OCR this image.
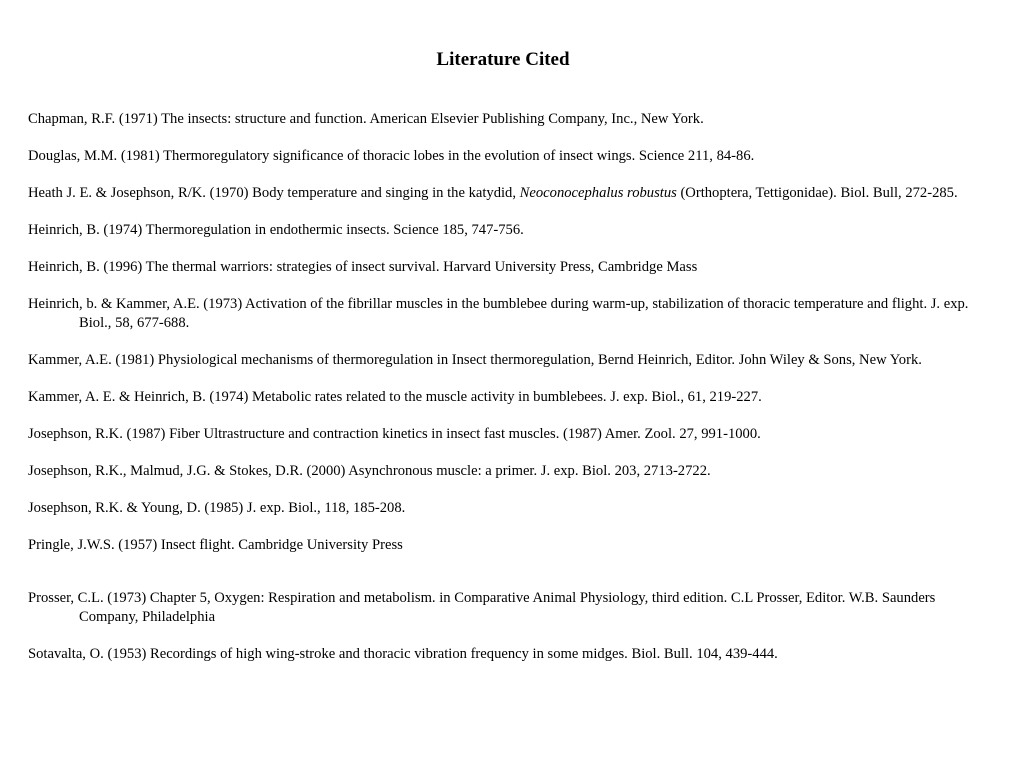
Literature Cited

Chapman, R.F. (1971) The insects: structure and function. American Elsevier Publishing Company, Inc., New York.

Douglas, M.M. (1981) Thermoregulatory significance of thoracic lobes in the evolution of insect wings. Science 211, 84-86.

Heath J. E. & Josephson, R/K. (1970) Body temperature and singing in the katydid, Neoconocephalus robustus (Orthoptera, Tettigonidae). Biol. Bull, 272-285.

Heinrich, B. (1974) Thermoregulation in endothermic insects. Science 185, 747-756.

Heinrich, B. (1996) The thermal warriors: strategies of insect survival. Harvard University Press, Cambridge Mass

Heinrich, b. & Kammer, A.E. (1973) Activation of the fibrillar muscles in the bumblebee during warm-up, stabilization of thoracic temperature and flight. J. exp. Biol., 58, 677-688.

Kammer, A.E. (1981) Physiological mechanisms of thermoregulation in Insect thermoregulation, Bernd Heinrich, Editor. John Wiley & Sons, New York.

Kammer, A. E. & Heinrich, B. (1974) Metabolic rates related to the muscle activity in bumblebees. J. exp. Biol., 61, 219-227.

Josephson, R.K. (1987) Fiber Ultrastructure and contraction kinetics in insect fast muscles. (1987) Amer. Zool. 27, 991-1000.

Josephson, R.K., Malmud, J.G. & Stokes, D.R. (2000) Asynchronous muscle: a primer. J. exp. Biol. 203, 2713-2722.

Josephson, R.K. & Young, D. (1985) J. exp. Biol., 118, 185-208.

Pringle, J.W.S. (1957) Insect flight. Cambridge University Press

Prosser, C.L. (1973) Chapter 5, Oxygen: Respiration and metabolism. in Comparative Animal Physiology, third edition. C.L Prosser, Editor. W.B. Saunders Company, Philadelphia

Sotavalta, O. (1953) Recordings of high wing-stroke and thoracic vibration frequency in some midges. Biol. Bull. 104, 439-444.
